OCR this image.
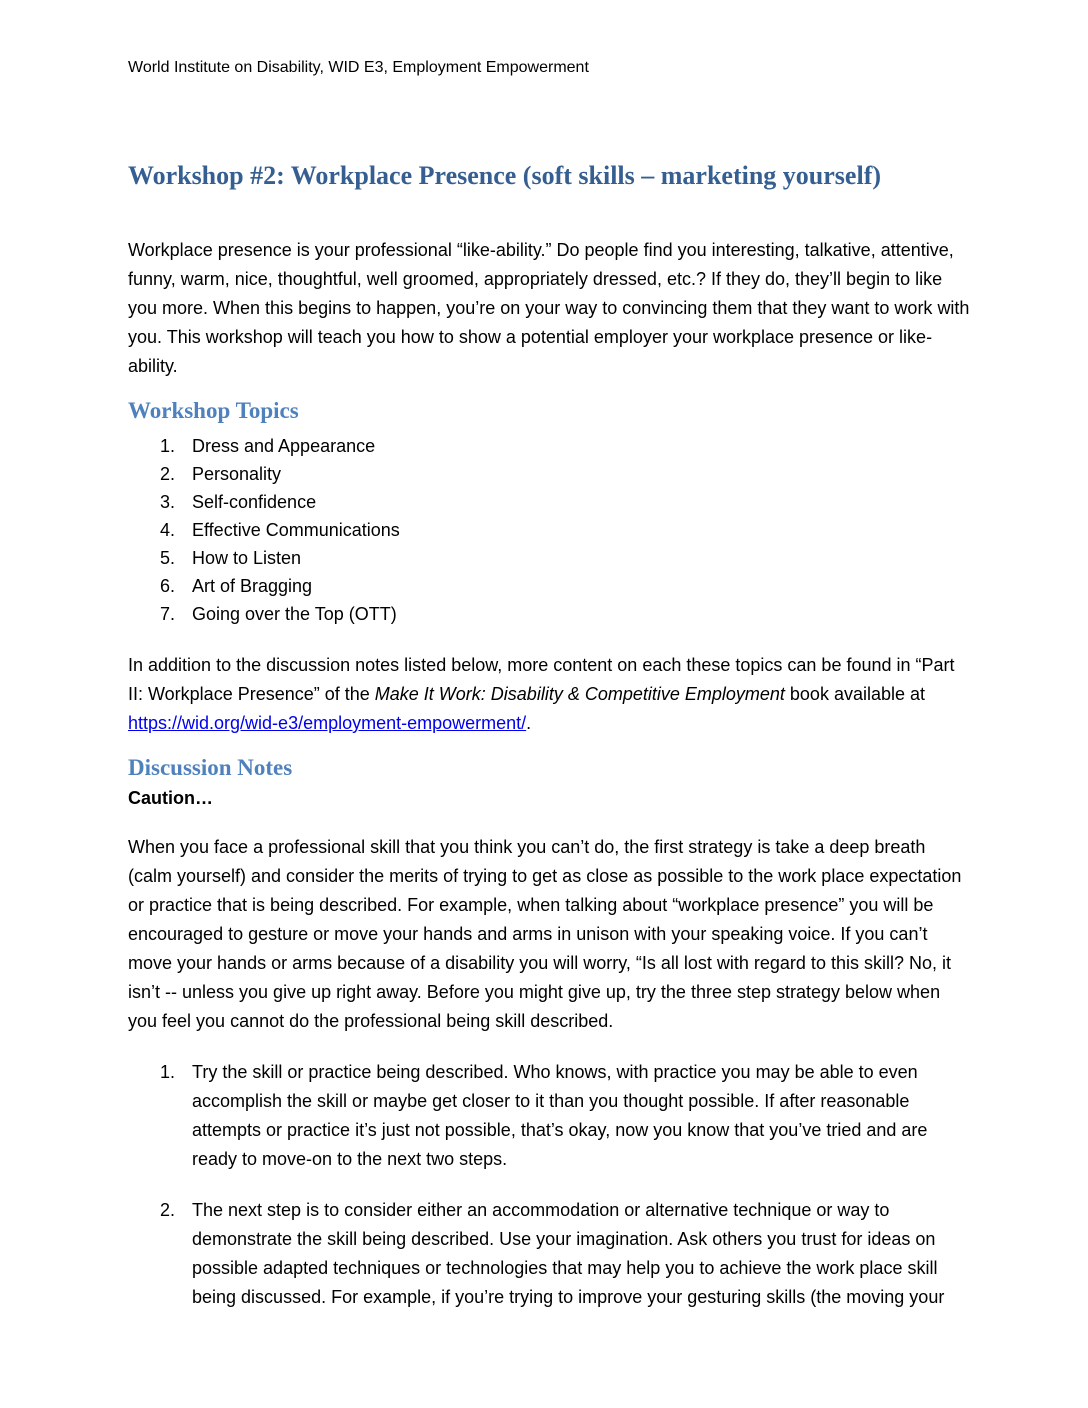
World Institute on Disability, WID E3, Employment Empowerment
Workshop #2: Workplace Presence (soft skills – marketing yourself)

Workplace presence is your professional “like-ability.” Do people find you interesting, talkative, attentive, funny, warm, nice, thoughtful, well groomed, appropriately dressed, etc.? If they do, they’ll begin to like you more. When this begins to happen, you’re on your way to convincing them that they want to work with you. This workshop will teach you how to show a potential employer your workplace presence or like-ability.

Workshop Topics
1. Dress and Appearance
2. Personality
3. Self-confidence
4. Effective Communications
5. How to Listen
6. Art of Bragging
7. Going over the Top (OTT)

In addition to the discussion notes listed below, more content on each these topics can be found in “Part II: Workplace Presence” of the Make It Work: Disability & Competitive Employment book available at https://wid.org/wid-e3/employment-empowerment/.

Discussion Notes

Caution…

When you face a professional skill that you think you can’t do, the first strategy is take a deep breath (calm yourself) and consider the merits of trying to get as close as possible to the work place expectation or practice that is being described. For example, when talking about “workplace presence” you will be encouraged to gesture or move your hands and arms in unison with your speaking voice. If you can’t move your hands or arms because of a disability you will worry, “Is all lost with regard to this skill? No, it isn’t -- unless you give up right away. Before you might give up, try the three step strategy below when you feel you cannot do the professional being skill described.

1. Try the skill or practice being described. Who knows, with practice you may be able to even accomplish the skill or maybe get closer to it than you thought possible. If after reasonable attempts or practice it’s just not possible, that’s okay, now you know that you’ve tried and are ready to move-on to the next two steps.
2. The next step is to consider either an accommodation or alternative technique or way to demonstrate the skill being described. Use your imagination. Ask others you trust for ideas on possible adapted techniques or technologies that may help you to achieve the work place skill being discussed. For example, if you’re trying to improve your gesturing skills (the moving your
